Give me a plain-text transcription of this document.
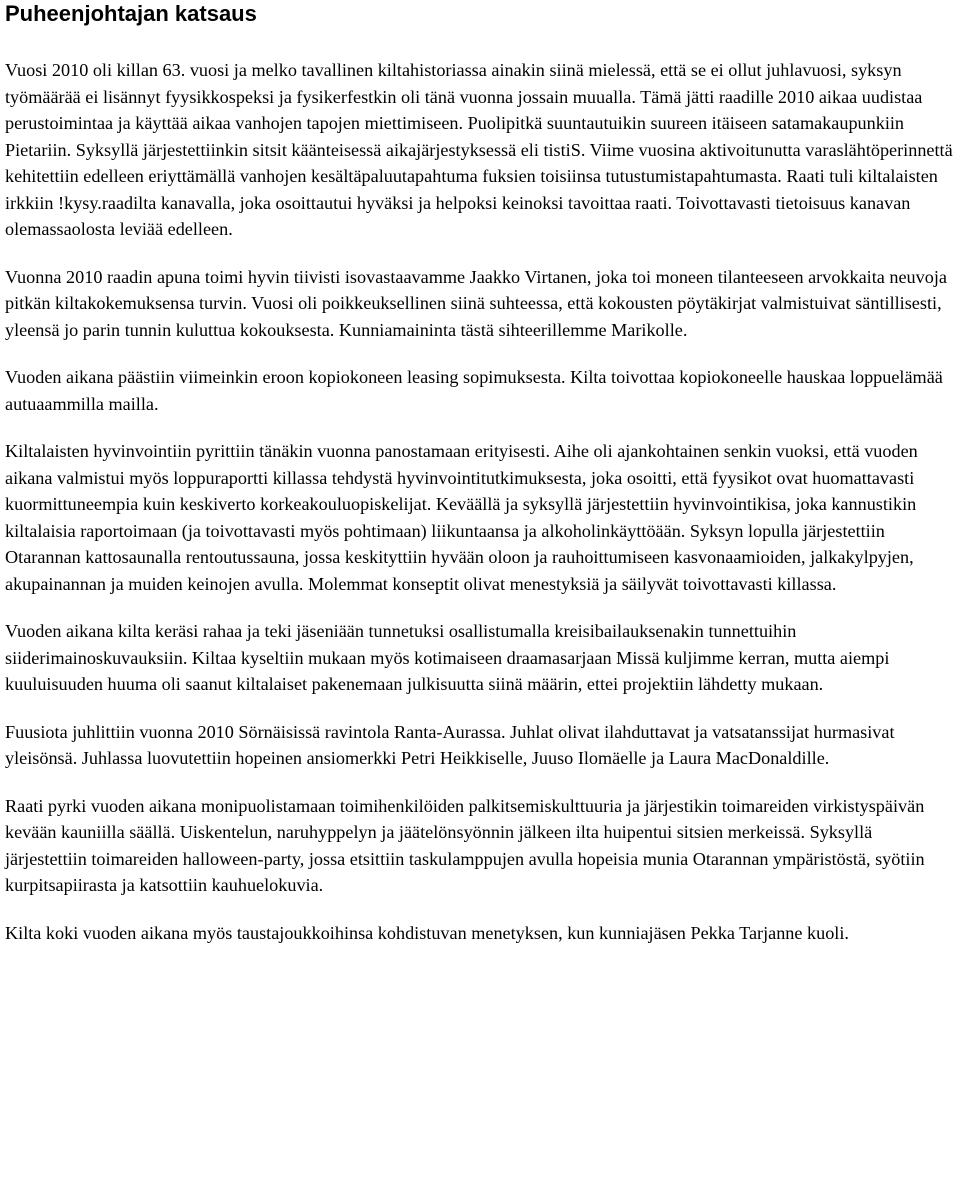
Puheenjohtajan katsaus

Vuosi 2010 oli killan 63. vuosi ja melko tavallinen kiltahistoriassa ainakin siinä mielessä, että se ei ollut juhlavuosi, syksyn työmäärää ei lisännyt fyysikkospeksi ja fysikerfestkin oli tänä vuonna jossain muualla. Tämä jätti raadille 2010 aikaa uudistaa perustoimintaa ja käyttää aikaa vanhojen tapojen miettimiseen. Puolipitkä suuntautuikin suureen itäiseen satamakaupunkiin Pietariin. Syksyllä järjestettiinkin sitsit käänteisessä aikajärjestyksessä eli tistiS. Viime vuosina aktivoitunutta varaslähtöperinnettä kehitettiin edelleen eriyttämällä vanhojen kesältäpaluutapahtuma fuksien toisiinsa tutustumistapahtumasta. Raati tuli kiltalaisten irkkiin !kysy.raadilta kanavalla, joka osoittautui hyväksi ja helpoksi keinoksi tavoittaa raati. Toivottavasti tietoisuus kanavan olemassaolosta leviää edelleen.

Vuonna 2010 raadin apuna toimi hyvin tiivisti isovastaavamme Jaakko Virtanen, joka toi moneen tilanteeseen arvokkaita neuvoja pitkän kiltakokemuksensa turvin. Vuosi oli poikkeuksellinen siinä suhteessa, että kokousten pöytäkirjat valmistuivat säntillisesti, yleensä jo parin tunnin kuluttua kokouksesta. Kunniamaininta tästä sihteerillemme Marikolle.

Vuoden aikana päästiin viimeinkin eroon kopiokoneen leasing sopimuksesta. Kilta toivottaa kopiokoneelle hauskaa loppuelämää autuaammilla mailla.

Kiltalaisten hyvinvointiin pyrittiin tänäkin vuonna panostamaan erityisesti. Aihe oli ajankohtainen senkin vuoksi, että vuoden aikana valmistui myös loppuraportti killassa tehdystä hyvinvointitutkimuksesta, joka osoitti, että fyysikot ovat huomattavasti kuormittuneempia kuin keskiverto korkeakouluopiskelijat. Keväällä ja syksyllä järjestettiin hyvinvointikisa, joka kannustikin kiltalaisia raportoimaan (ja toivottavasti myös pohtimaan) liikuntaansa ja alkoholinkäyttöään. Syksyn lopulla järjestettiin Otarannan kattosaunalla rentoutussauna, jossa keskityttiin hyvään oloon ja rauhoittumiseen kasvonaamioiden, jalkakylpyjen, akupainannan ja muiden keinojen avulla. Molemmat konseptit olivat menestyksiä ja säilyvät toivottavasti killassa.

Vuoden aikana kilta keräsi rahaa ja teki jäseniään tunnetuksi osallistumalla kreisibailauksenakin tunnettuihin siiderimainoskuvauksiin. Kiltaa kyseltiin mukaan myös kotimaiseen draamasarjaan Missä kuljimme kerran, mutta aiempi kuuluisuuden huuma oli saanut kiltalaiset pakenemaan julkisuutta siinä määrin, ettei projektiin lähdetty mukaan.

Fuusiota juhlittiin vuonna 2010 Sörnäisissä ravintola Ranta-Aurassa. Juhlat olivat ilahduttavat ja vatsatanssijat hurmasivat yleisönsä. Juhlassa luovutettiin hopeinen ansiomerkki Petri Heikkiselle, Juuso Ilomäelle ja Laura MacDonaldille.

Raati pyrki vuoden aikana monipuolistamaan toimihenkilöiden palkitsemiskulttuuria ja järjestikin toimareiden virkistyspäivän kevään kauniilla säällä. Uiskentelun, naruhyppelyn ja jäätelönsyönnin jälkeen ilta huipentui sitsien merkeissä. Syksyllä järjestettiin toimareiden halloween-party, jossa etsittiin taskulamppujen avulla hopeisia munia Otarannan ympäristöstä, syötiin kurpitsapiirasta ja katsottiin kauhuelokuvia.

Kilta koki vuoden aikana myös taustajoukkoihinsa kohdistuvan menetyksen, kun kunniajäsen Pekka Tarjanne kuoli.
